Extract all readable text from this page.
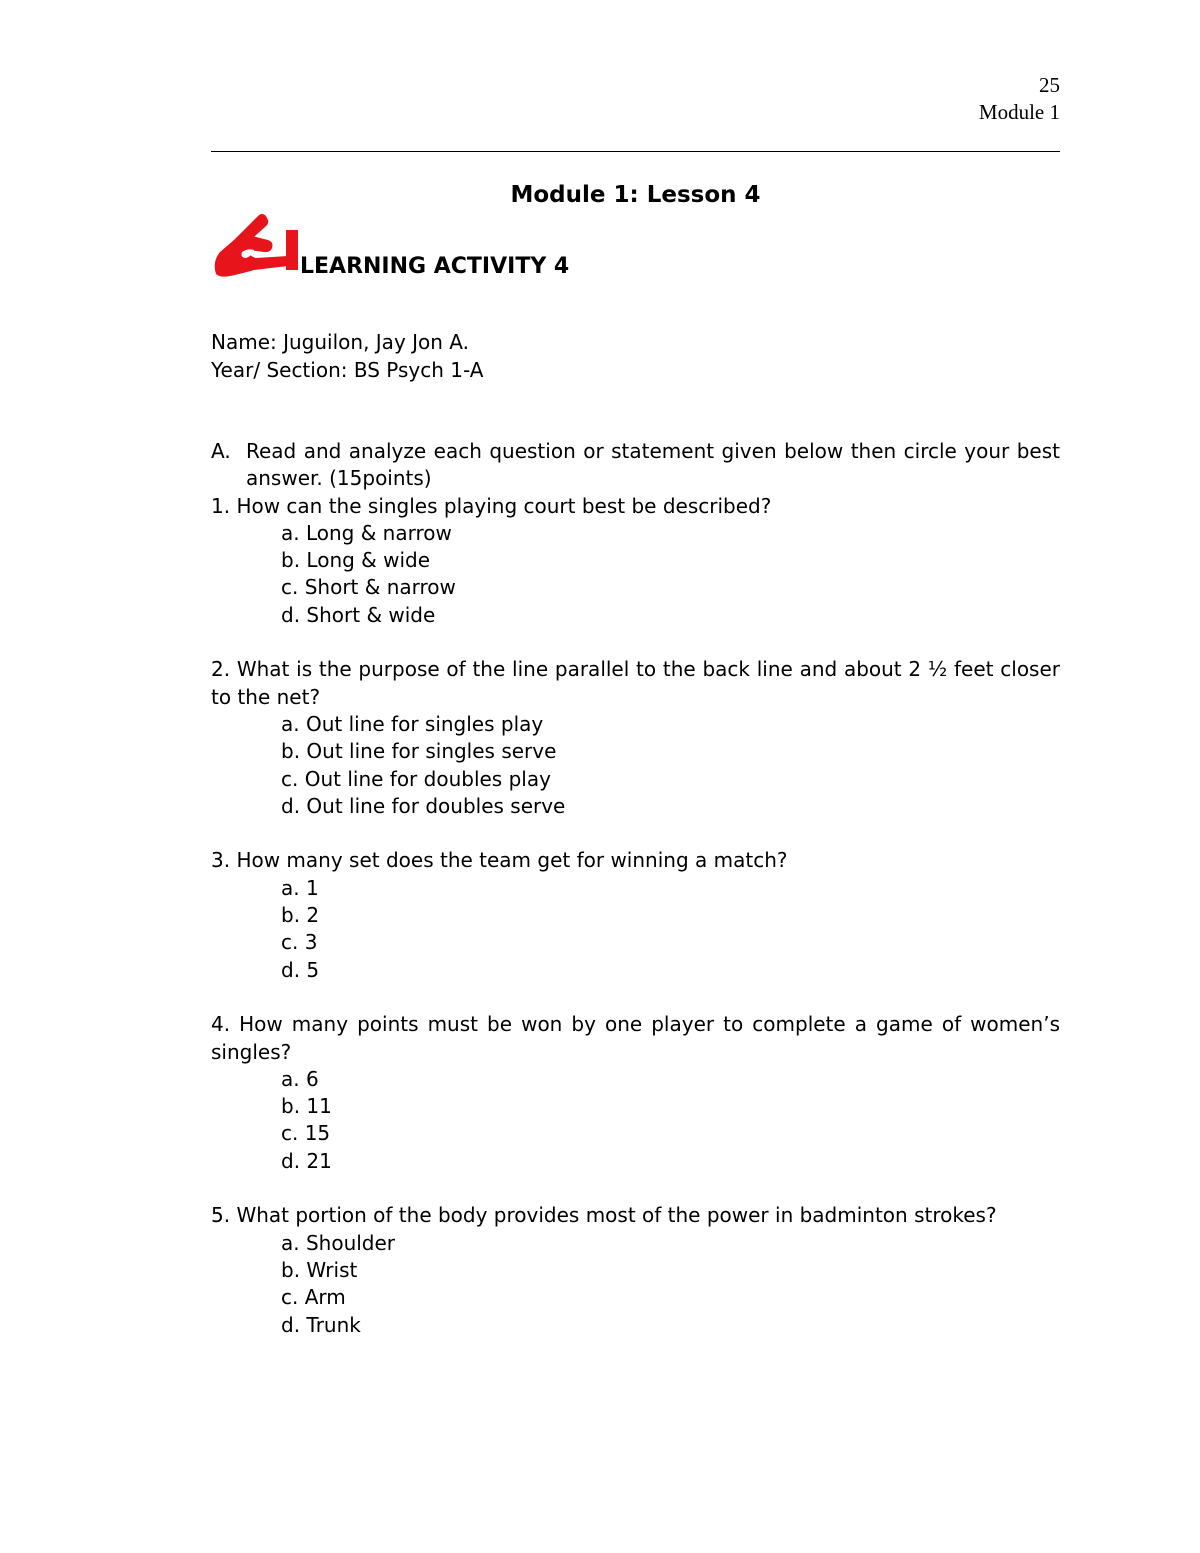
25
Module 1
Module 1: Lesson 4
LEARNING ACTIVITY 4
Name: Juguilon, Jay Jon A.
Year/ Section: BS Psych 1-A
A. Read and analyze each question or statement given below then circle your best answer. (15points)
1. How can the singles playing court best be described?
a. Long & narrow
b. Long & wide
c. Short & narrow
d. Short & wide
2. What is the purpose of the line parallel to the back line and about 2 ½ feet closer to the net?
a. Out line for singles play
b. Out line for singles serve
c. Out line for doubles play
d. Out line for doubles serve
3. How many set does the team get for winning a match?
a. 1
b. 2
c. 3
d. 5
4. How many points must be won by one player to complete a game of women’s singles?
a. 6
b. 11
c. 15
d. 21
5. What portion of the body provides most of the power in badminton strokes?
a. Shoulder
b. Wrist
c. Arm
d. Trunk
